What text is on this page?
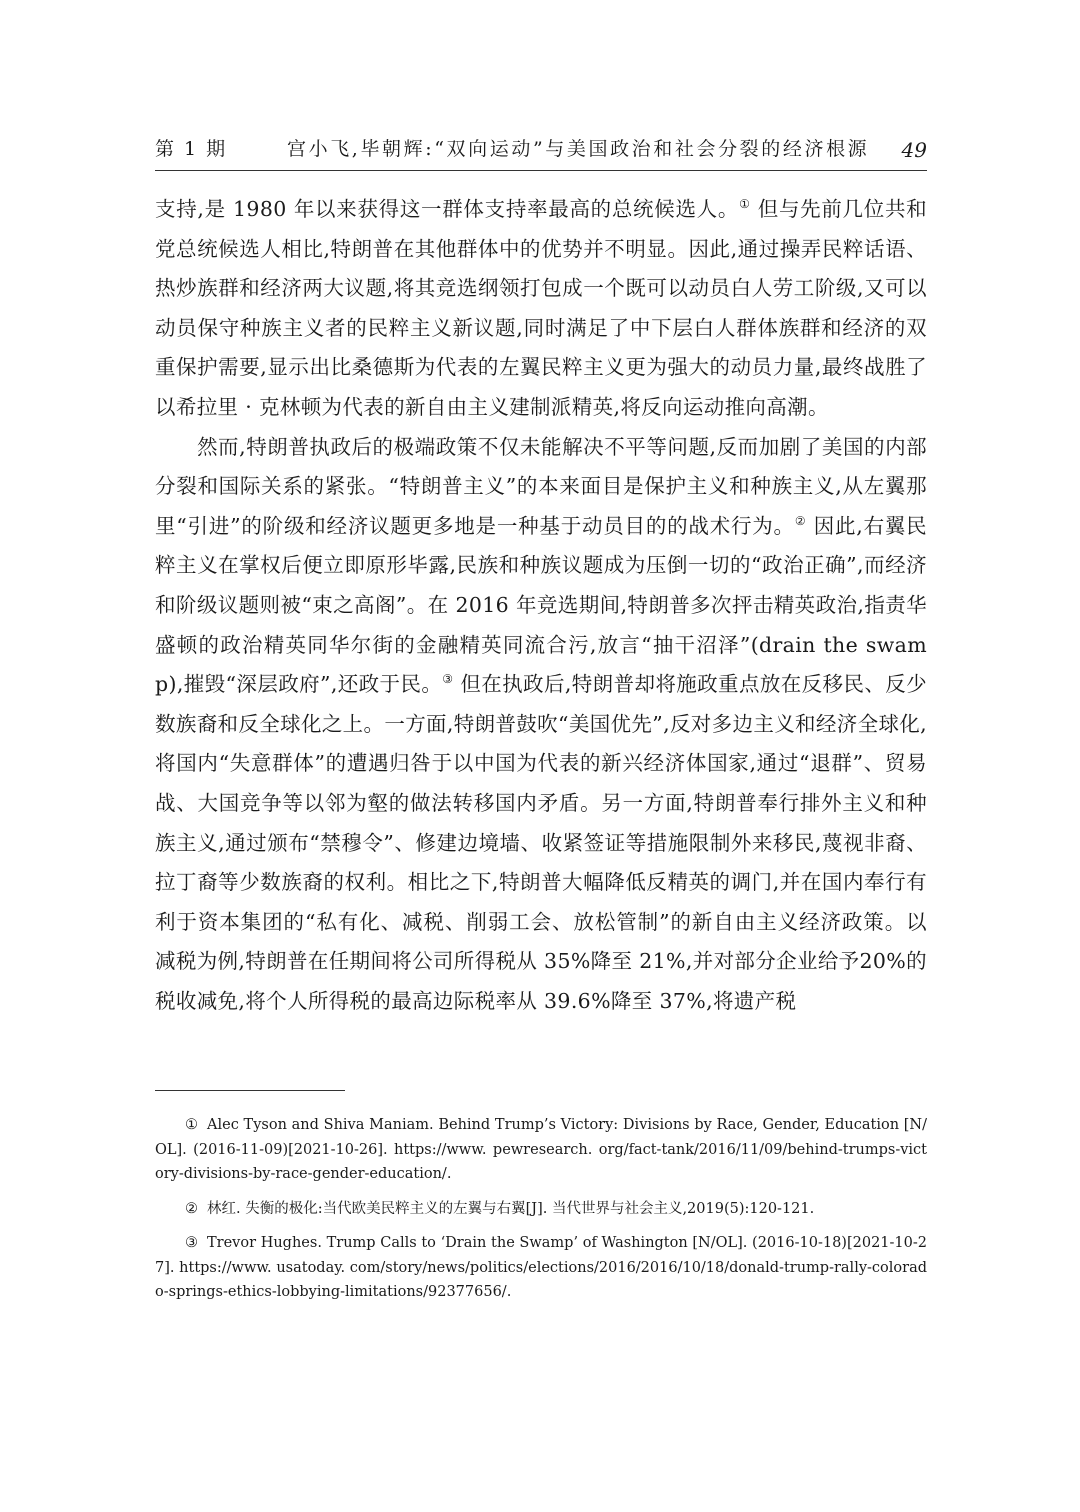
第 1 期	宫小飞,毕朝辉:“双向运动”与美国政治和社会分裂的经济根源 49

支持,是 1980 年以来获得这一群体支持率最高的总统候选人。① 但与先前几位共和党总统候选人相比,特朗普在其他群体中的优势并不明显。因此,通过操弄民粹话语、热炒族群和经济两大议题,将其竞选纲领打包成一个既可以动员白人劳工阶级,又可以动员保守种族主义者的民粹主义新议题,同时满足了中下层白人群体族群和经济的双重保护需要,显示出比桑德斯为代表的左翼民粹主义更为强大的动员力量,最终战胜了以希拉里 · 克林顿为代表的新自由主义建制派精英,将反向运动推向高潮。

然而,特朗普执政后的极端政策不仅未能解决不平等问题,反而加剧了美国的内部分裂和国际关系的紧张。“特朗普主义”的本来面目是保护主义和种族主义,从左翼那里“引进”的阶级和经济议题更多地是一种基于动员目的的战术行为。② 因此,右翼民粹主义在掌权后便立即原形毕露,民族和种族议题成为压倒一切的“政治正确”,而经济和阶级议题则被“束之高阁”。在 2016 年竞选期间,特朗普多次抨击精英政治,指责华盛顿的政治精英同华尔街的金融精英同流合污,放言“抽干沼泽”(drain the swamp),摧毁“深层政府”,还政于民。③ 但在执政后,特朗普却将施政重点放在反移民、反少数族裔和反全球化之上。一方面,特朗普鼓吹“美国优先”,反对多边主义和经济全球化,将国内“失意群体”的遭遇归咎于以中国为代表的新兴经济体国家,通过“退群”、贸易战、大国竞争等以邻为壑的做法转移国内矛盾。另一方面,特朗普奉行排外主义和种族主义,通过颁布“禁穆令”、修建边境墙、收紧签证等措施限制外来移民,蔑视非裔、拉丁裔等少数族裔的权利。相比之下,特朗普大幅降低反精英的调门,并在国内奉行有利于资本集团的“私有化、减税、削弱工会、放松管制”的新自由主义经济政策。以减税为例,特朗普在任期间将公司所得税从 35%降至 21%,并对部分企业给予20%的税收减免,将个人所得税的最高边际税率从 39.6%降至 37%,将遗产税

① Alec Tyson and Shiva Maniam. Behind Trump’s Victory: Divisions by Race, Gender, Education [N/OL]. (2016-11-09)[2021-10-26]. https://www. pewresearch. org/fact-tank/2016/11/09/behind-trumps-victory-divisions-by-race-gender-education/.

② 林红. 失衡的极化:当代欧美民粹主义的左翼与右翼[J]. 当代世界与社会主义,2019(5):120-121.

③ Trevor Hughes. Trump Calls to ‘Drain the Swamp’ of Washington [N/OL]. (2016-10-18)[2021-10-27]. https://www. usatoday. com/story/news/politics/elections/2016/2016/10/18/donald-trump-rally-colorado-springs-ethics-lobbying-limitations/92377656/.
